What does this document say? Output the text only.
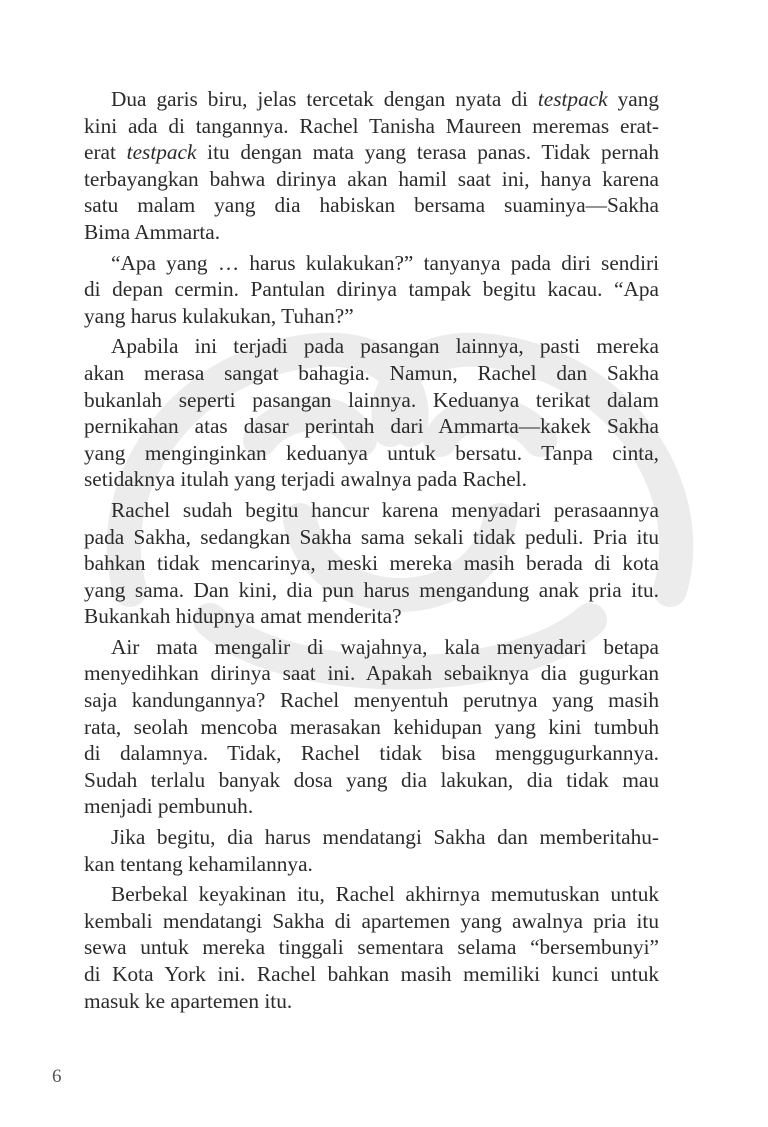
Dua garis biru, jelas tercetak dengan nyata di testpack yang
kini ada di tangannya. Rachel Tanisha Maureen meremas erat-
erat testpack itu dengan mata yang terasa panas. Tidak pernah
terbayangkan bahwa dirinya akan hamil saat ini, hanya karena
satu malam yang dia habiskan bersama suaminya—Sakha
Bima Ammarta.
“Apa yang … harus kulakukan?” tanyanya pada diri sendiri
di depan cermin. Pantulan dirinya tampak begitu kacau. “Apa
yang harus kulakukan, Tuhan?”
Apabila ini terjadi pada pasangan lainnya, pasti mereka
akan merasa sangat bahagia. Namun, Rachel dan Sakha
bukanlah seperti pasangan lainnya. Keduanya terikat dalam
pernikahan atas dasar perintah dari Ammarta—kakek Sakha
yang menginginkan keduanya untuk bersatu. Tanpa cinta,
setidaknya itulah yang terjadi awalnya pada Rachel.
Rachel sudah begitu hancur karena menyadari perasaannya
pada Sakha, sedangkan Sakha sama sekali tidak peduli. Pria itu
bahkan tidak mencarinya, meski mereka masih berada di kota
yang sama. Dan kini, dia pun harus mengandung anak pria itu.
Bukankah hidupnya amat menderita?
Air mata mengalir di wajahnya, kala menyadari betapa
menyedihkan dirinya saat ini. Apakah sebaiknya dia gugurkan
saja kandungannya? Rachel menyentuh perutnya yang masih
rata, seolah mencoba merasakan kehidupan yang kini tumbuh
di dalamnya. Tidak, Rachel tidak bisa menggugurkannya.
Sudah terlalu banyak dosa yang dia lakukan, dia tidak mau
menjadi pembunuh.
Jika begitu, dia harus mendatangi Sakha dan memberitahu-
kan tentang kehamilannya.
Berbekal keyakinan itu, Rachel akhirnya memutuskan untuk
kembali mendatangi Sakha di apartemen yang awalnya pria itu
sewa untuk mereka tinggali sementara selama “bersembunyi”
di Kota York ini. Rachel bahkan masih memiliki kunci untuk
masuk ke apartemen itu.
6
